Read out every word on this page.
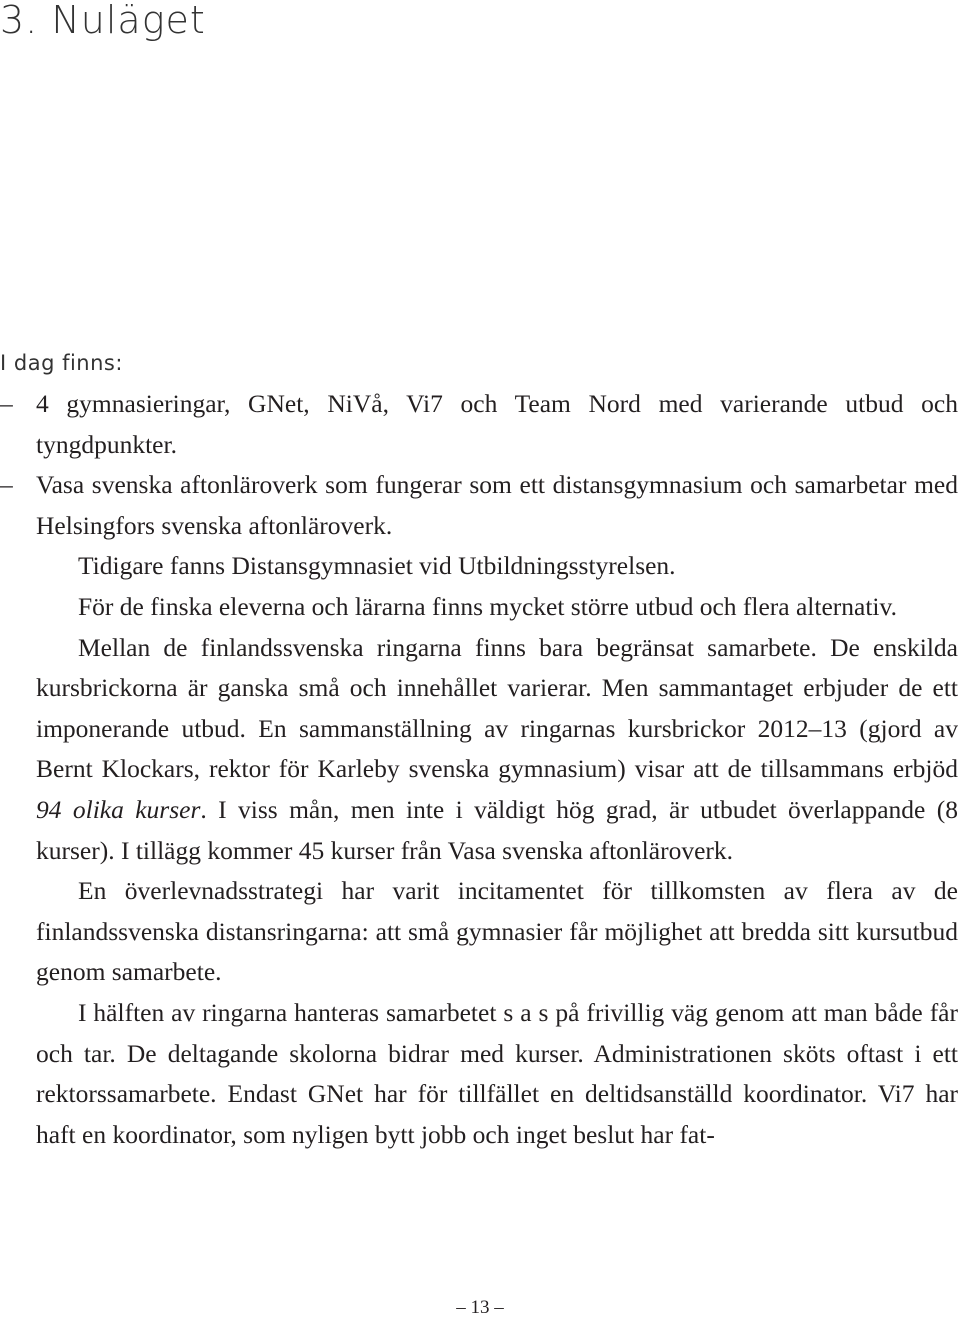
3. Nuläget

I dag finns:

– 4 gymnasieringar, GNet, NiVå, Vi7 och Team Nord med varierande utbud och tyngdpunkter.

– Vasa svenska aftonläroverk som fungerar som ett distansgymnasium och samarbetar med Helsingfors svenska aftonläroverk.

Tidigare fanns Distansgymnasiet vid Utbildningsstyrelsen.

För de finska eleverna och lärarna finns mycket större utbud och flera alternativ.

Mellan de finlandssvenska ringarna finns bara begränsat samarbete. De enskilda kursbrickorna är ganska små och innehållet varierar. Men sammantaget erbjuder de ett imponerande utbud. En sammanställning av ringarnas kursbrickor 2012–13 (gjord av Bernt Klockars, rektor för Karleby svenska gymnasium) visar att de tillsammans erbjöd 94 olika kurser. I viss mån, men inte i väldigt hög grad, är utbudet överlappande (8 kurser). I tillägg kommer 45 kurser från Vasa svenska aftonläroverk.

En överlevnadsstrategi har varit incitamentet för tillkomsten av flera av de finlandssvenska distansringarna: att små gymnasier får möjlighet att bredda sitt kursutbud genom samarbete.

I hälften av ringarna hanteras samarbetet s a s på frivillig väg genom att man både får och tar. De deltagande skolorna bidrar med kurser. Administrationen sköts oftast i ett rektorssamarbete. Endast GNet har för tillfället en deltidsanställd koordinator. Vi7 har haft en koordinator, som nyligen bytt jobb och inget beslut har fat-

– 13 –
